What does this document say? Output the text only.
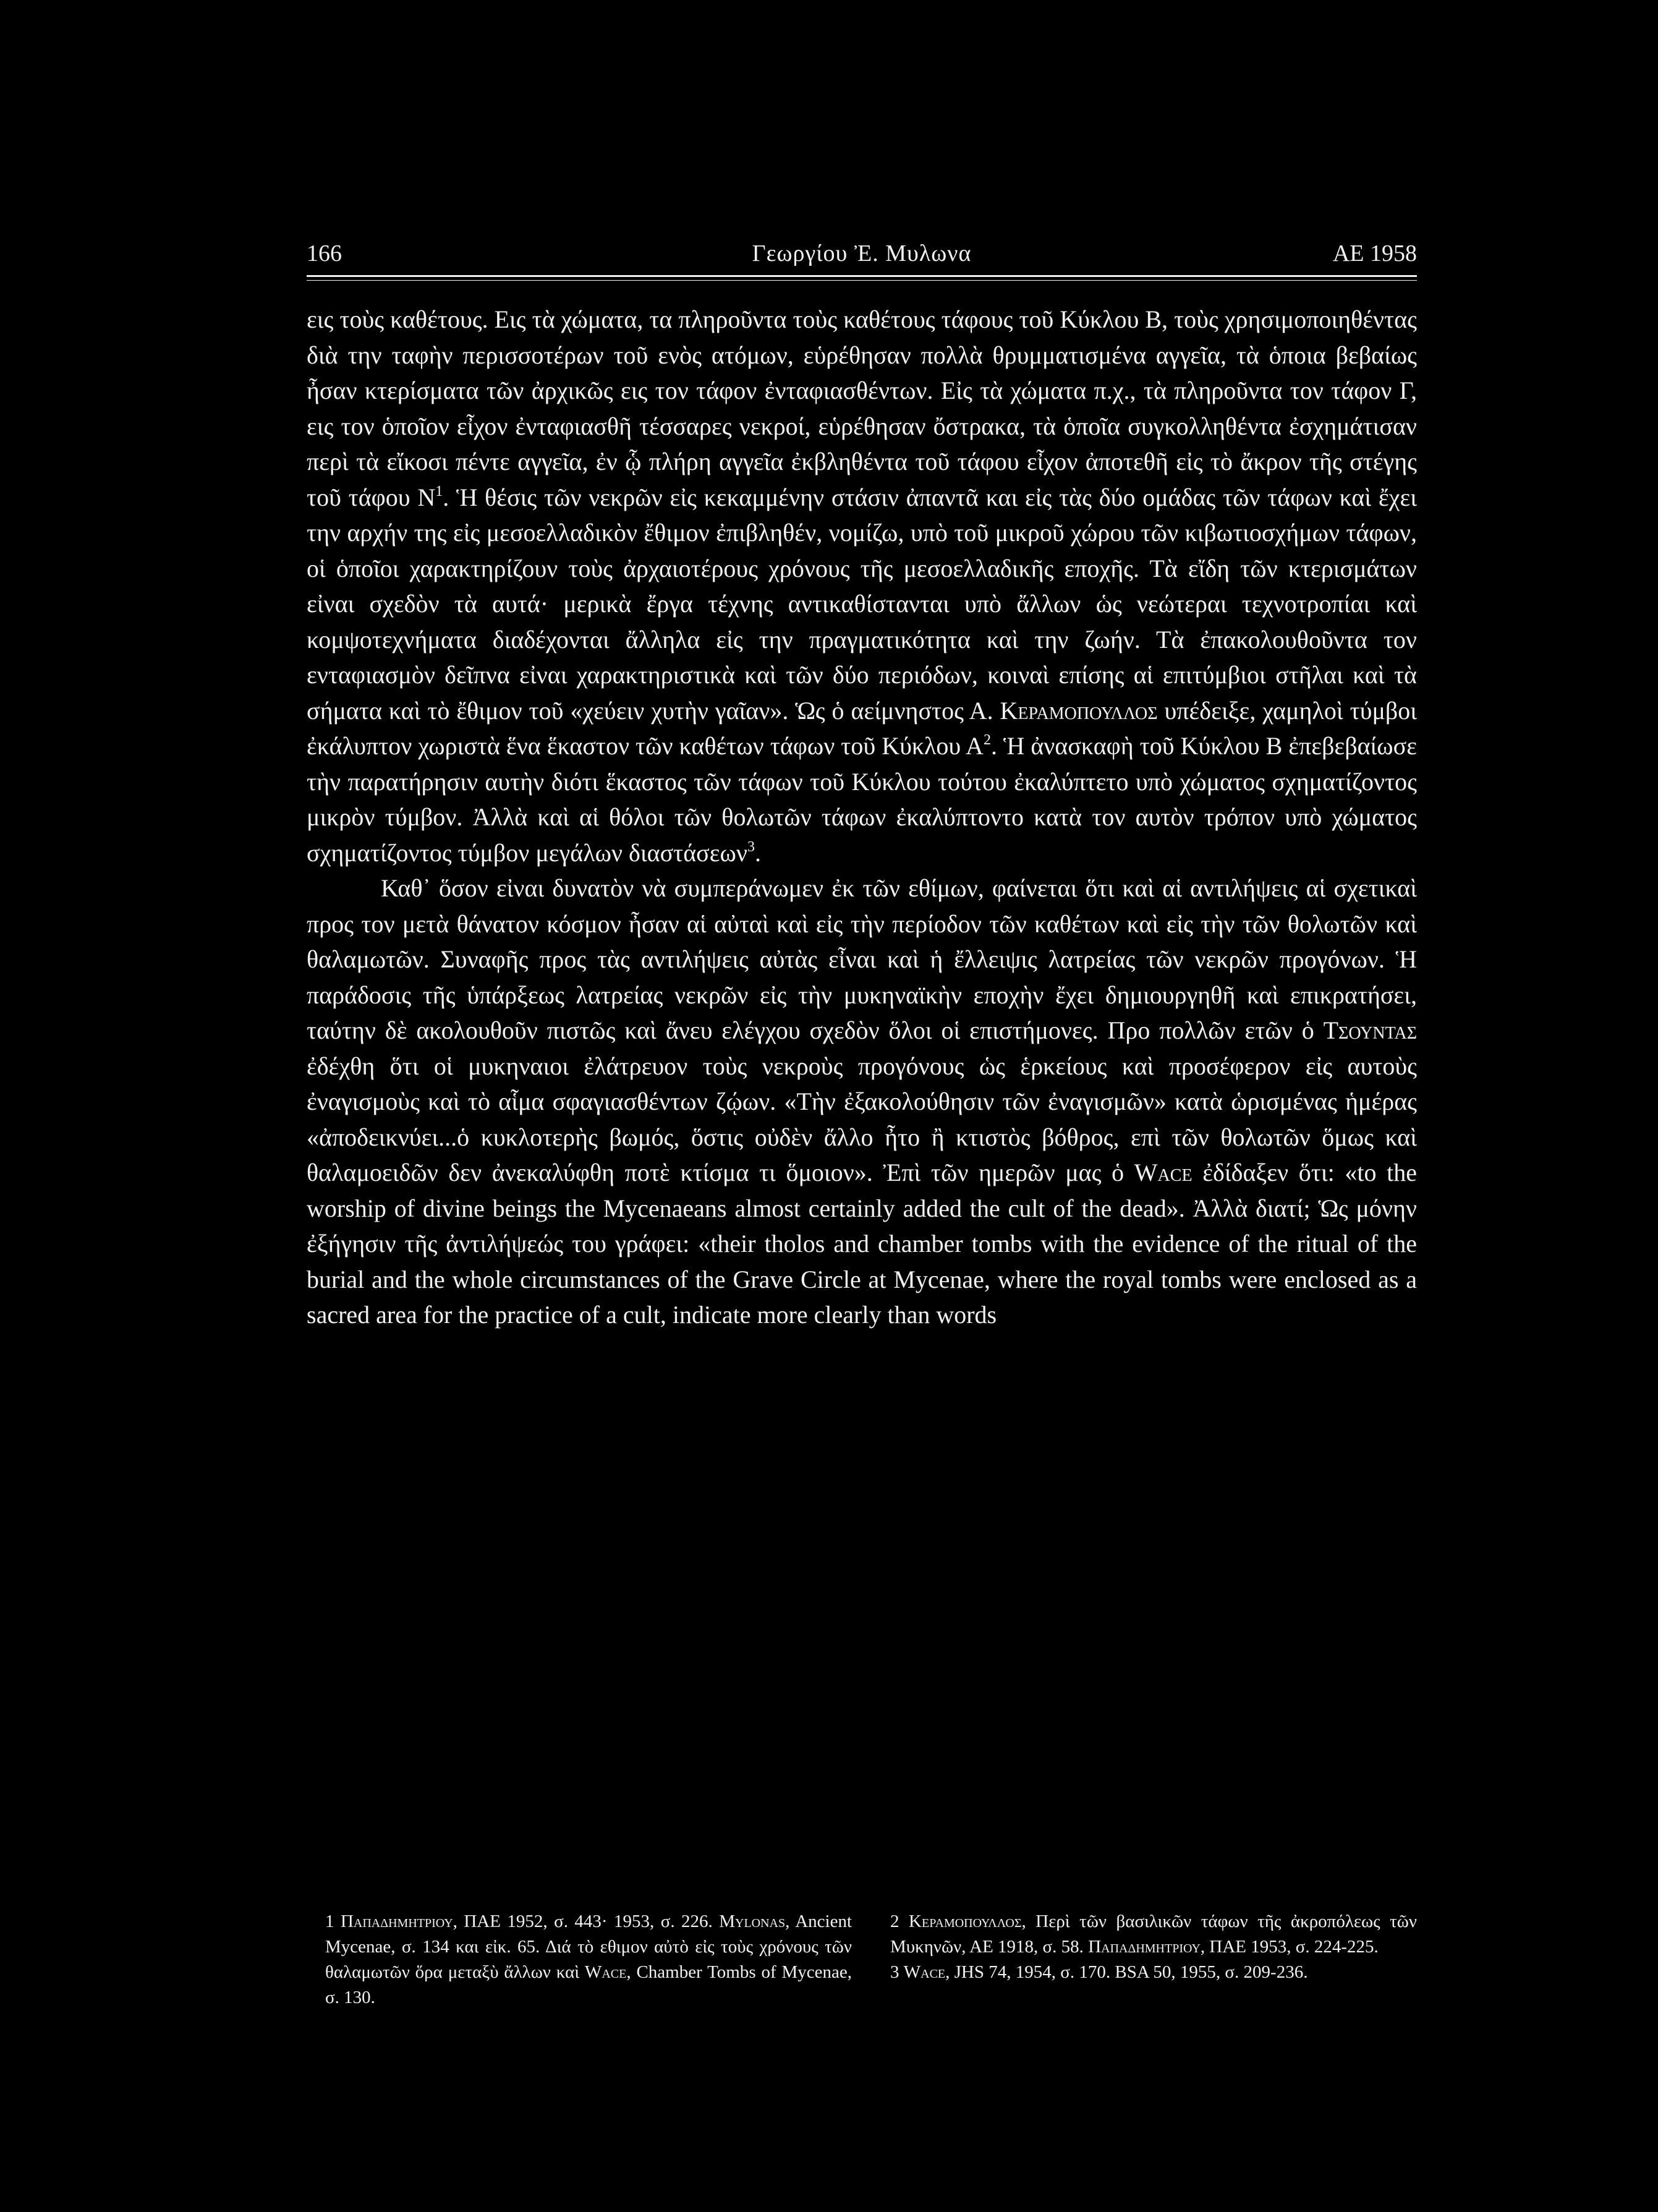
166	Γεωργίου Ἐ. Μυλωνα	ΑΕ 1958

εις τοὺς καθέτους. Εις τὰ χώματα, τα πληροῦντα τοὺς καθέτους τάφους τοῦ Κύκλου Β, τοὺς χρησιμοποιηθέντας διὰ την ταφὴν περισσοτέρων τοῦ ενὸς ατόμων, εὑρέθησαν πολλὰ θρυμματισμένα αγγεῖα, τὰ ὁποια βεβαίως ἦσαν κτερίσματα τῶν ἀρχικῶς εις τον τάφον ἐνταφιασθέντων. Εἰς τὰ χώματα π.χ., τὰ πληροῦντα τον τάφον Γ, εις τον ὁποῖον εἶχον ἐνταφιασθῆ τέσσαρες νεκροί, εὑρέθησαν ὄστρακα, τὰ ὁποῖα συγκολληθέντα ἐσχημάτισαν περὶ τὰ εἴκοσι πέντε αγγεῖα, ἐν ᾧ πλήρη αγγεῖα ἐκβληθέντα τοῦ τάφου εἶχον ἀποτεθῆ εἰς τὸ ἄκρον τῆς στέγης τοῦ τάφου $N^1$. Ἡ θέσις τῶν νεκρῶν εἰς κεκαμμένην στάσιν ἀπαντᾶ και εἰς τὰς δύο ομάδας τῶν τάφων καὶ ἔχει την αρχήν της εἰς μεσοελλαδικὸν ἔθιμον ἐπιβληθέν, νομίζω, υπὸ τοῦ μικροῦ χώρου τῶν κιβωτιοσχήμων τάφων, οἱ ὁποῖοι χαρακτηρίζουν τοὺς ἀρχαιοτέρους χρόνους τῆς μεσοελλαδικῆς εποχῆς. Τὰ εἴδη τῶν κτερισμάτων εἰναι σχεδὸν τὰ αυτά· μερικὰ ἔργα τέχνης αντικαθίστανται υπὸ ἄλλων ὡς νεώτεραι τεχνοτροπίαι καὶ κομψοτεχνήματα διαδέχονται ἄλληλα εἰς την πραγματικότητα καὶ την ζωήν. Τὰ ἐπακολουθοῦντα τον ενταφιασμὸν δεῖπνα εἰναι χαρακτηριστικὰ καὶ τῶν δύο περιόδων, κοιναὶ επίσης αἱ επιτύμβιοι στῆλαι καὶ τὰ σήματα καὶ τὸ ἔθιμον τοῦ «χεύειν χυτὴν γαῖαν». Ὡς ὁ αείμνηστος Α. Κεραμοπουλλος υπέδειξε, χαμηλοὶ τύμβοι ἐκάλυπτον χωριστὰ ἕνα ἕκαστον τῶν καθέτων τάφων τοῦ Κύκλου $A^2$. Ἡ ἀνασκαφὴ τοῦ Κύκλου Β ἐπεβεβαίωσε τὴν παρατήρησιν αυτὴν διότι ἕκαστος τῶν τάφων τοῦ Κύκλου τούτου ἐκαλύπτετο υπὸ χώματος σχηματίζοντος μικρὸν τύμβον. Ἀλλὰ καὶ αἱ θόλοι τῶν θολωτῶν τάφων ἐκαλύπτοντο κατὰ τον αυτὸν τρόπον υπὸ χώματος σχηματίζοντος τύμβον μεγάλων διαστάσεων$^3$.

Καθ᾽ ὅσον εἰναι δυνατὸν νὰ συμπεράνωμεν ἐκ τῶν εθίμων, φαίνεται ὅτι καὶ αἱ αντιλήψεις αἱ σχετικαὶ προς τον μετὰ θάνατον κόσμον ἦσαν αἱ αὐταὶ καὶ εἰς τὴν περίοδον τῶν καθέτων καὶ εἰς τὴν τῶν θολωτῶν καὶ θαλαμωτῶν. Συναφῆς προς τὰς αντιλήψεις αὐτὰς εἶναι καὶ ἡ ἔλλειψις λατρείας τῶν νεκρῶν προγόνων. Ἡ παράδοσις τῆς ὑπάρξεως λατρείας νεκρῶν εἰς τὴν μυκηναϊκὴν εποχὴν ἔχει δημιουργηθῆ καὶ επικρατήσει, ταύτην δὲ ακολουθοῦν πιστῶς καὶ ἄνευ ελέγχου σχεδὸν ὅλοι οἱ επιστήμονες. Προ πολλῶν ετῶν ὁ Τσουντας ἐδέχθη ὅτι οἱ μυκηναιοι ἐλάτρευον τοὺς νεκροὺς προγόνους ὡς ἑρκείους καὶ προσέφερον εἰς αυτοὺς ἐναγισμοὺς καὶ τὸ αἷμα σφαγιασθέντων ζῴων. «Τὴν ἐξακολούθησιν τῶν ἐναγισμῶν» κατὰ ὡρισμένας ἡμέρας «ἀποδεικνύει...ὁ κυκλοτερὴς βωμός, ὅστις οὐδὲν ἄλλο ἦτο ἢ κτιστὸς βόθρος, επὶ τῶν θολωτῶν ὅμως καὶ θαλαμοειδῶν δεν ἀνεκαλύφθη ποτὲ κτίσμα τι ὅμοιον». Ἐπὶ τῶν ημερῶν μας ὁ Wace ἐδίδαξεν ὅτι: «to the worship of divine beings the Mycenaeans almost certainly added the cult of the dead». Ἀλλὰ διατί; Ὡς μόνην ἐξήγησιν τῆς ἀντιλήψεώς του γράφει: «their tholos and chamber tombs with the evidence of the ritual of the burial and the whole circumstances of the Grave Circle at Mycenae, where the royal tombs were enclosed as a sacred area for the practice of a cult, indicate more clearly than words

1 Παπαδημητριου, ΠΑΕ 1952, σ. 443· 1953, σ. 226. Mylonas, Ancient Mycenae, σ. 134 και εἰκ. 65. Διά τὸ εθιμον αὐτὸ εἰς τοὺς χρόνους τῶν θαλαμωτῶν ὅρα μεταξὺ ἄλλων καὶ Wace, Chamber Tombs of Mycenae, σ. 130.

2 Κεραμοπουλλος, Περὶ τῶν βασιλικῶν τάφων τῆς ἀκροπόλεως τῶν Μυκηνῶν, ΑΕ 1918, σ. 58. Παπαδημητριου, ΠΑΕ 1953, σ. 224-225.

3 Wace, JHS 74, 1954, σ. 170. BSA 50, 1955, σ. 209-236.
